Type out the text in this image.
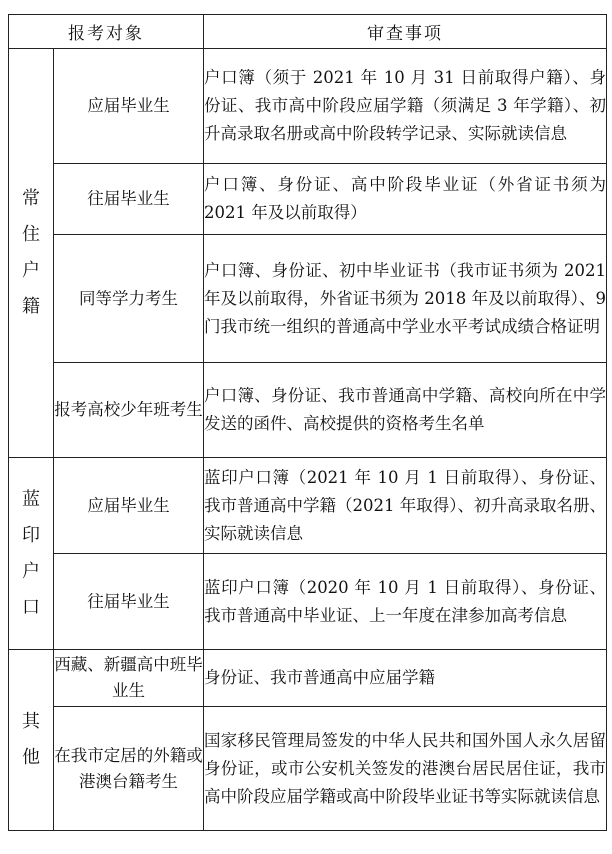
报考对象		审查事项

常
住
户
籍	应届毕业生	户口簿（须于 2021 年 10 月 31 日前取得户籍）、身份证、我市高中阶段应届学籍（须满足 3 年学籍）、初升高录取名册或高中阶段转学记录、实际就读信息
	往届毕业生	户口簿、身份证、高中阶段毕业证（外省证书须为 2021 年及以前取得）
	同等学力考生	户口簿、身份证、初中毕业证书（我市证书须为 2021 年及以前取得，外省证书须为 2018 年及以前取得）、9 门我市统一组织的普通高中学业水平考试成绩合格证明
	报考高校少年班考生	户口簿、身份证、我市普通高中学籍、高校向所在中学发送的函件、高校提供的资格考生名单

蓝
印
户
口	应届毕业生	蓝印户口簿（2021 年 10 月 1 日前取得）、身份证、我市普通高中学籍（2021 年取得）、初升高录取名册、实际就读信息
	往届毕业生	蓝印户口簿（2020 年 10 月 1 日前取得）、身份证、我市普通高中毕业证、上一年度在津参加高考信息

其
他	西藏、新疆高中班毕业生	身份证、我市普通高中应届学籍
	在我市定居的外籍或港澳台籍考生	国家移民管理局签发的中华人民共和国外国人永久居留身份证，或市公安机关签发的港澳台居民居住证，我市高中阶段应届学籍或高中阶段毕业证书等实际就读信息
